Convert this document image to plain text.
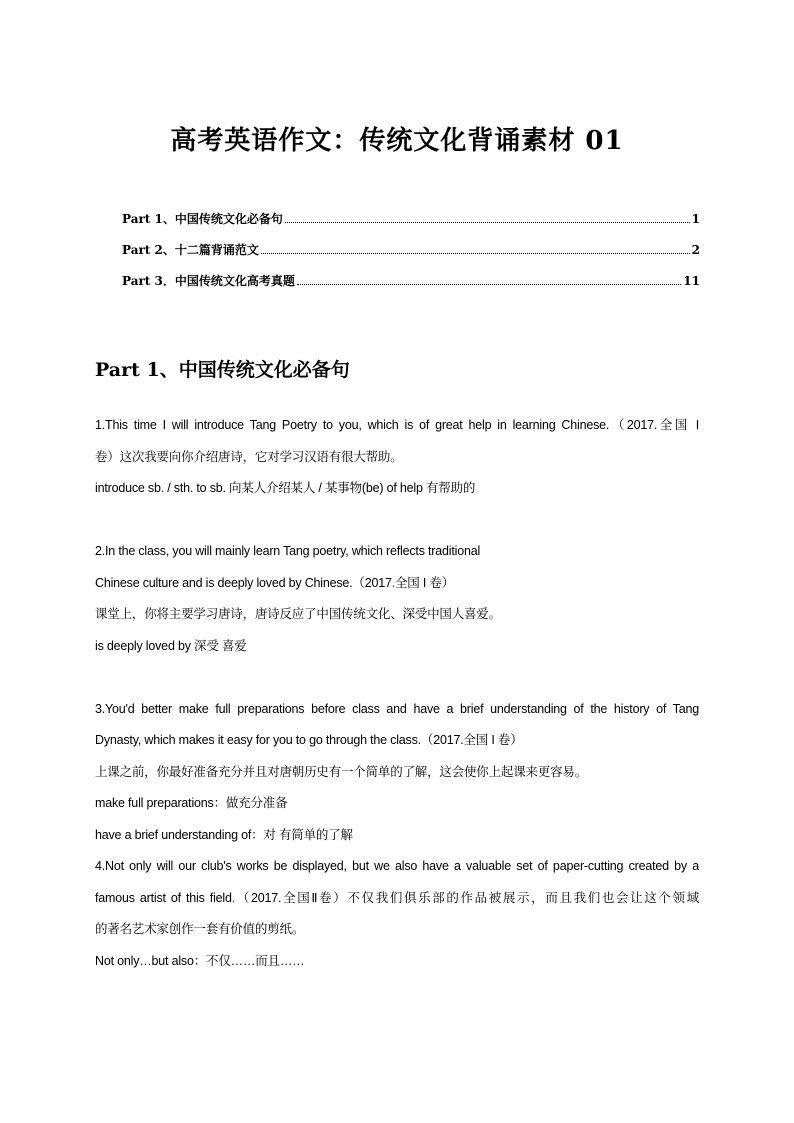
高考英语作文：传统文化背诵素材 01
Part 1、中国传统文化必备句	1
Part 2、十二篇背诵范文	2
Part 3．中国传统文化高考真题	11
Part 1、中国传统文化必备句
1.This time I will introduce Tang Poetry to you, which is of great help in learning Chinese.（2017.全国 I
卷）这次我要向你介绍唐诗，它对学习汉语有很大帮助。
introduce sb. / sth. to sb. 向某人介绍某人 / 某事物(be) of help 有帮助的
2.In the class, you will mainly learn Tang poetry, which reflects traditional
Chinese culture and is deeply loved by Chinese.（2017.全国 I 卷）
课堂上，你将主要学习唐诗，唐诗反应了中国传统文化、深受中国人喜爱。
is deeply loved by 深受 喜爱
3.You'd better make full preparations before class and have a brief understanding of the history of Tang
Dynasty, which makes it easy for you to go through the class.（2017.全国 I 卷）
上课之前，你最好准备充分并且对唐朝历史有一个简单的了解，这会使你上起课来更容易。
make full preparations：做充分准备
have a brief understanding of：对 有简单的了解
4.Not only will our club's works be displayed, but we also have a valuable set of paper-cutting created by a
famous artist of this field.（2017.全国Ⅱ卷）不仅我们俱乐部的作品被展示，而且我们也会让这个领域
的著名艺术家创作一套有价值的剪纸。
Not only…but also：不仅……而且……
